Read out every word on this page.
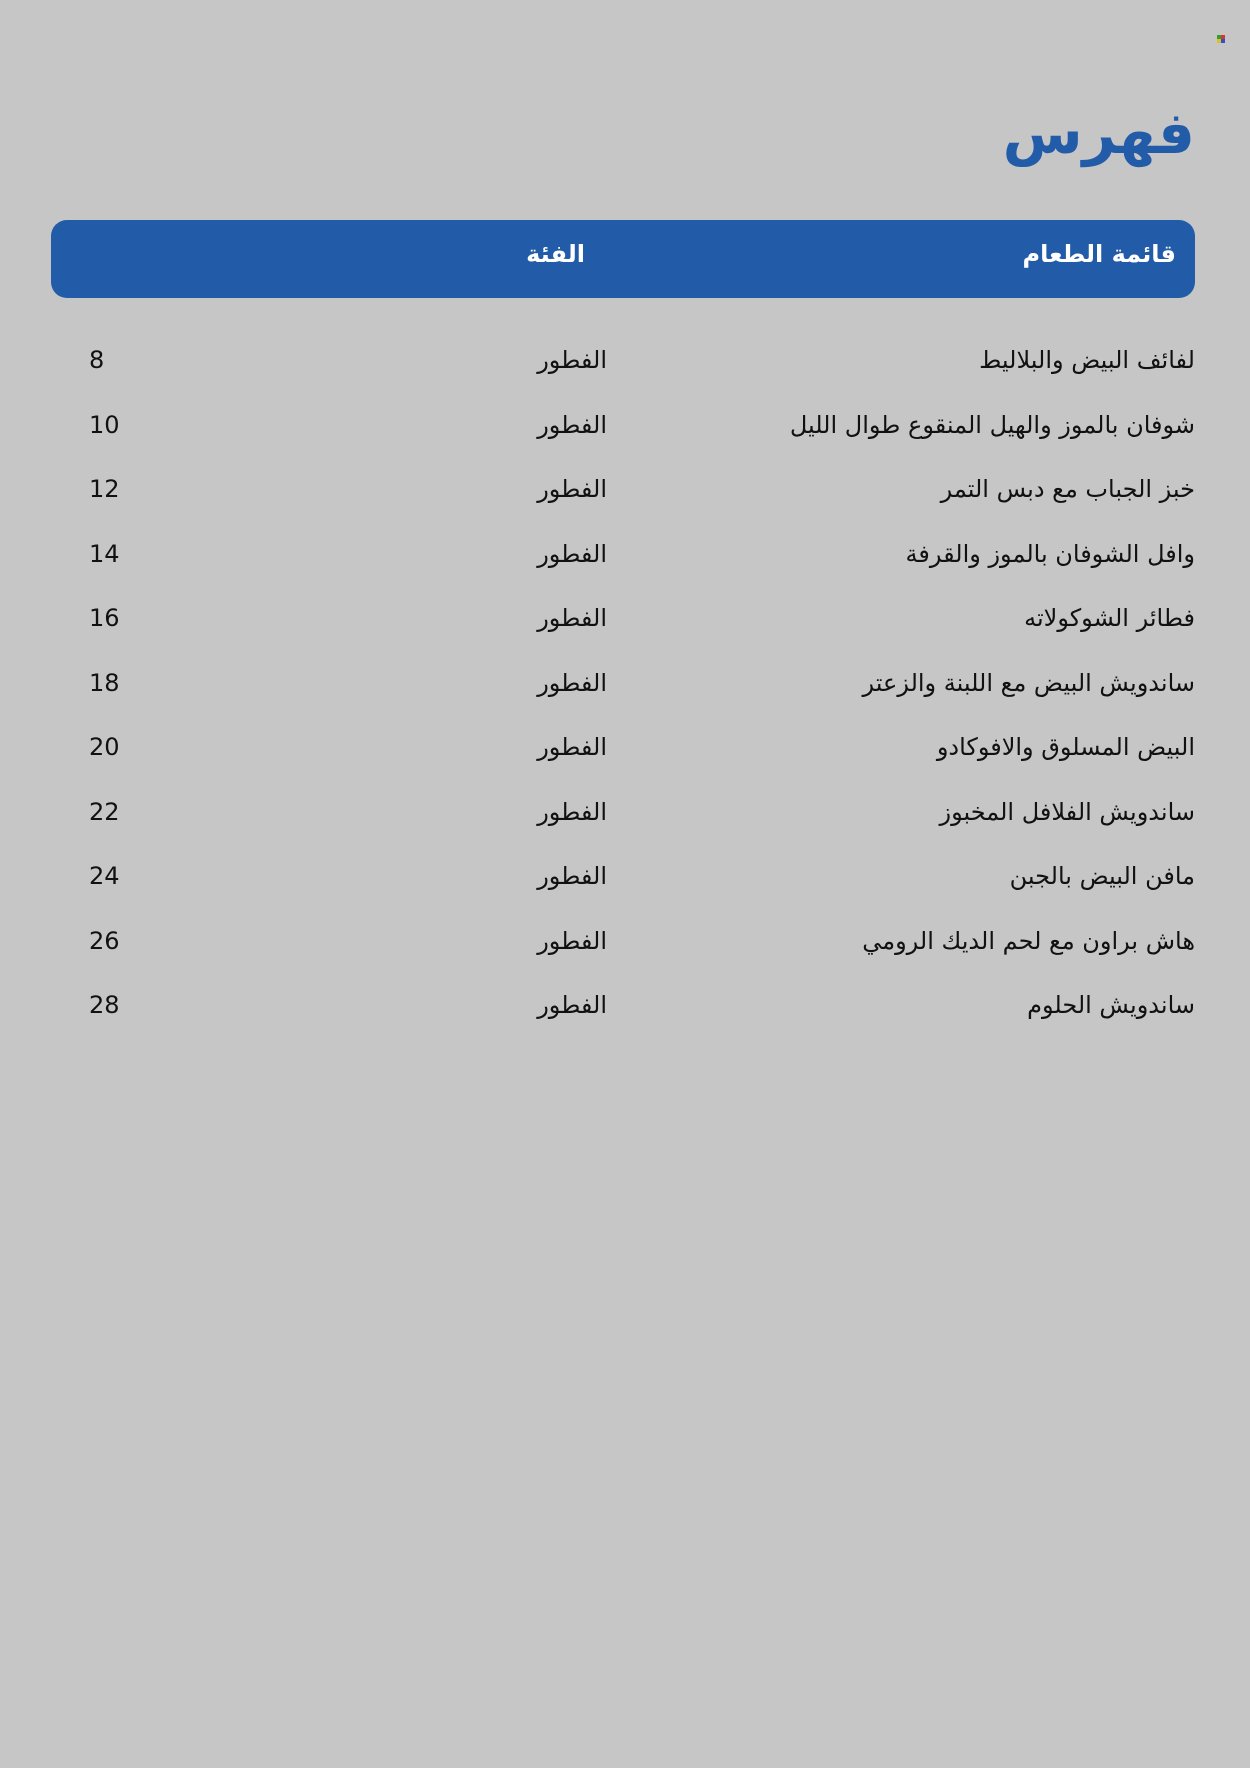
فهرس
قائمة الطعام
الفئة
لفائف البيض والبلاليط
الفطور
8
شوفان بالموز والهيل المنقوع طوال الليل
الفطور
10
خبز الجباب مع دبس التمر
الفطور
12
وافل الشوفان بالموز والقرفة
الفطور
14
فطائر الشوكولاته
الفطور
16
ساندويش البيض مع اللبنة والزعتر
الفطور
18
البيض المسلوق والافوكادو
الفطور
20
ساندويش الفلافل المخبوز
الفطور
22
مافن البيض بالجبن
الفطور
24
هاش براون مع لحم الديك الرومي
الفطور
26
ساندويش الحلوم
الفطور
28
